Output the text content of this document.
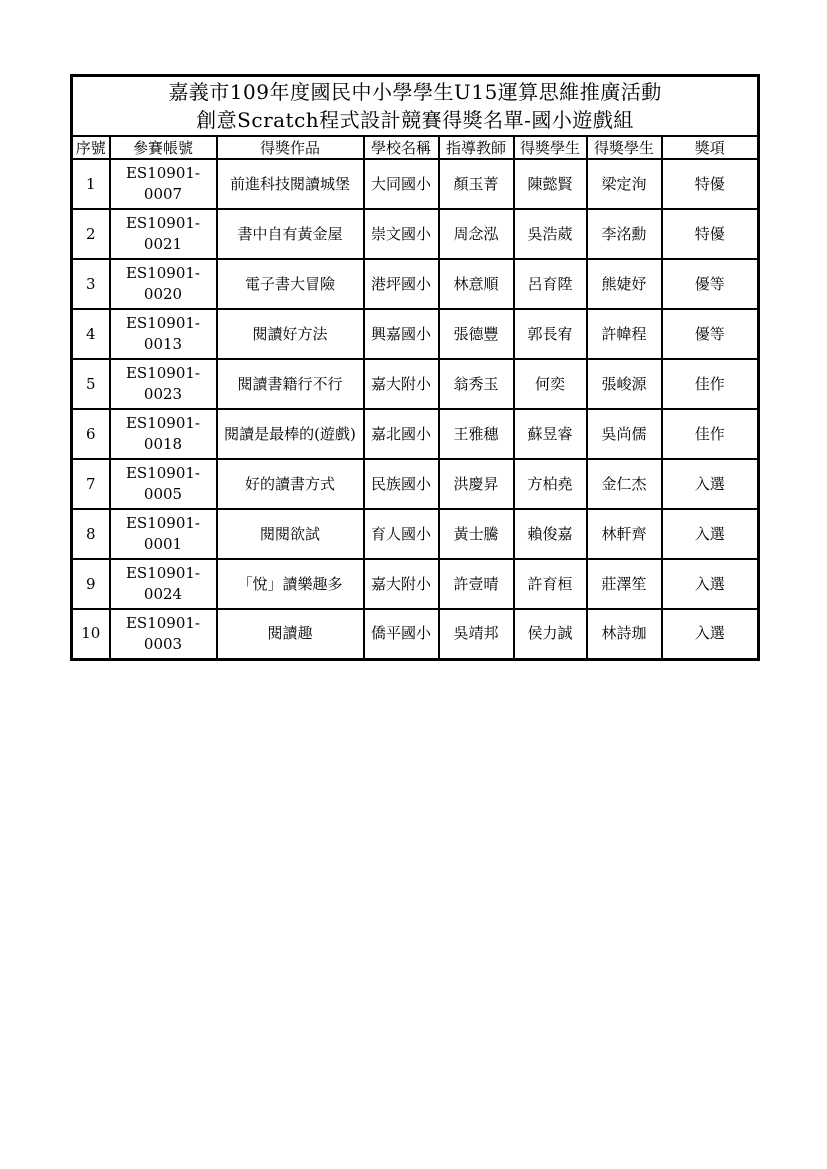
嘉義市109年度國民中小學學生U15運算思維推廣活動
創意Scratch程式設計競賽得獎名單-國小遊戲組							

序號	參賽帳號	得獎作品	學校名稱	指導教師	得獎學生	得獎學生	獎項
1	ES10901-0007	前進科技閱讀城堡	大同國小	顏玉菁	陳懿賢	梁定洵	特優
2	ES10901-0021	書中自有黃金屋	崇文國小	周念泓	吳浩葳	李洺勳	特優
3	ES10901-0020	電子書大冒險	港坪國小	林意順	呂育陞	熊婕妤	優等
4	ES10901-0013	閱讀好方法	興嘉國小	張德豐	郭長宥	許幃程	優等
5	ES10901-0023	閱讀書籍行不行	嘉大附小	翁秀玉	何奕	張峻源	佳作
6	ES10901-0018	閱讀是最棒的(遊戲)	嘉北國小	王雅穗	蘇昱睿	吳尚儒	佳作
7	ES10901-0005	好的讀書方式	民族國小	洪慶昇	方柏堯	金仁杰	入選
8	ES10901-0001	閱閱欲試	育人國小	黃士騰	賴俊嘉	林軒齊	入選
9	ES10901-0024	「悅」讀樂趣多	嘉大附小	許壹晴	許育桓	莊澤笙	入選
10	ES10901-0003	閱讀趣	僑平國小	吳靖邦	侯力誠	林詩珈	入選
